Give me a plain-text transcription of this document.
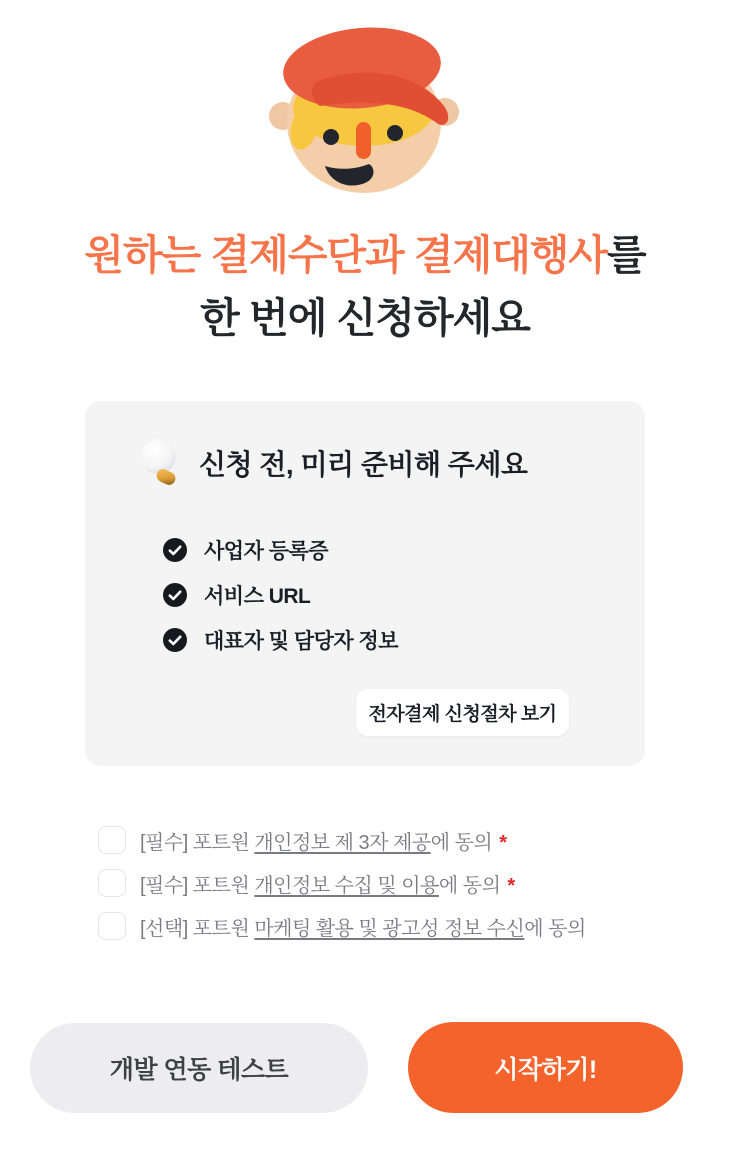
원하는 결제수단과 결제대행사를
한 번에 신청하세요
신청 전, 미리 준비해 주세요
사업자 등록증
서비스 URL
대표자 및 담당자 정보
전자결제 신청절차 보기
[필수] 포트원 개인정보 제 3자 제공에 동의 *
[필수] 포트원 개인정보 수집 및 이용에 동의 *
[선택] 포트원 마케팅 활용 및 광고성 정보 수신에 동의
개발 연동 테스트	시작하기!
